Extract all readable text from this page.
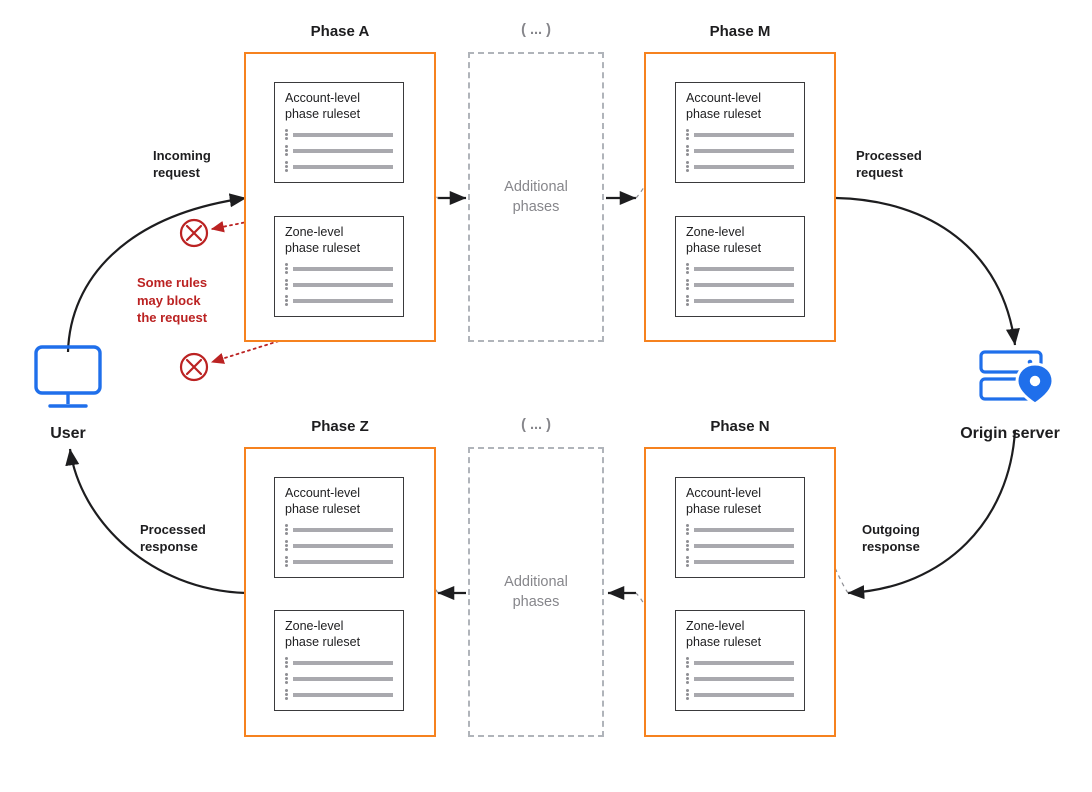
Phase A	Phase M
Phase Z	Phase N
Account-level
phase ruleset
Zone-level
phase ruleset
Account-level
phase ruleset
Zone-level
phase ruleset
Account-level
phase ruleset
Zone-level
phase ruleset
Account-level
phase ruleset
Zone-level
phase ruleset
( ... )
Additional
phases
( ... )
Additional
phases
Incoming
request
Processed
request
Outgoing
response
Processed
response
Some rules
may block
the request
User	Origin server
